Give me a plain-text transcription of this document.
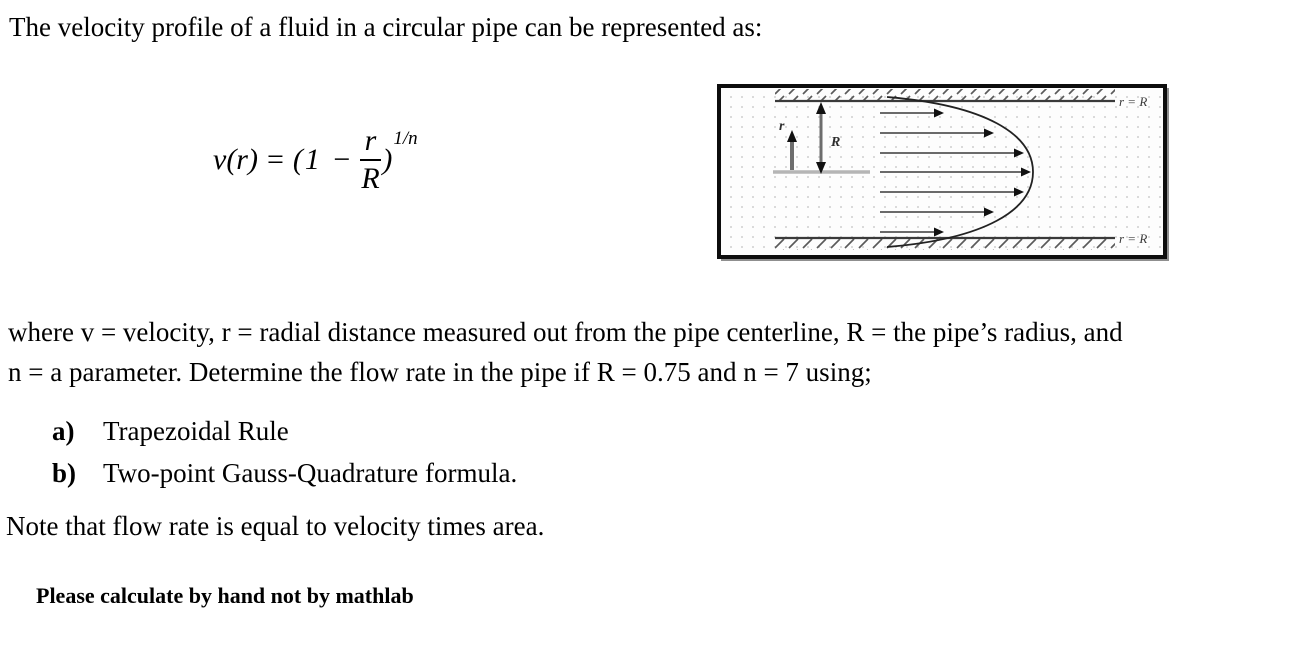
The velocity profile of a fluid in a circular pipe can be represented as:
$v(r) = (1 - \frac{r}{R}$ )
1/n
r
R
r = R
r = R
where v = velocity, r = radial distance measured out from the pipe centerline, R = the pipe’s radius, and
n = a parameter. Determine the flow rate in the pipe if R = 0.75 and n = 7 using;
a)	Trapezoidal Rule
b) Two-point Gauss-Quadrature formula.
Note that flow rate is equal to velocity times area.
Please calculate by hand not by mathlab
